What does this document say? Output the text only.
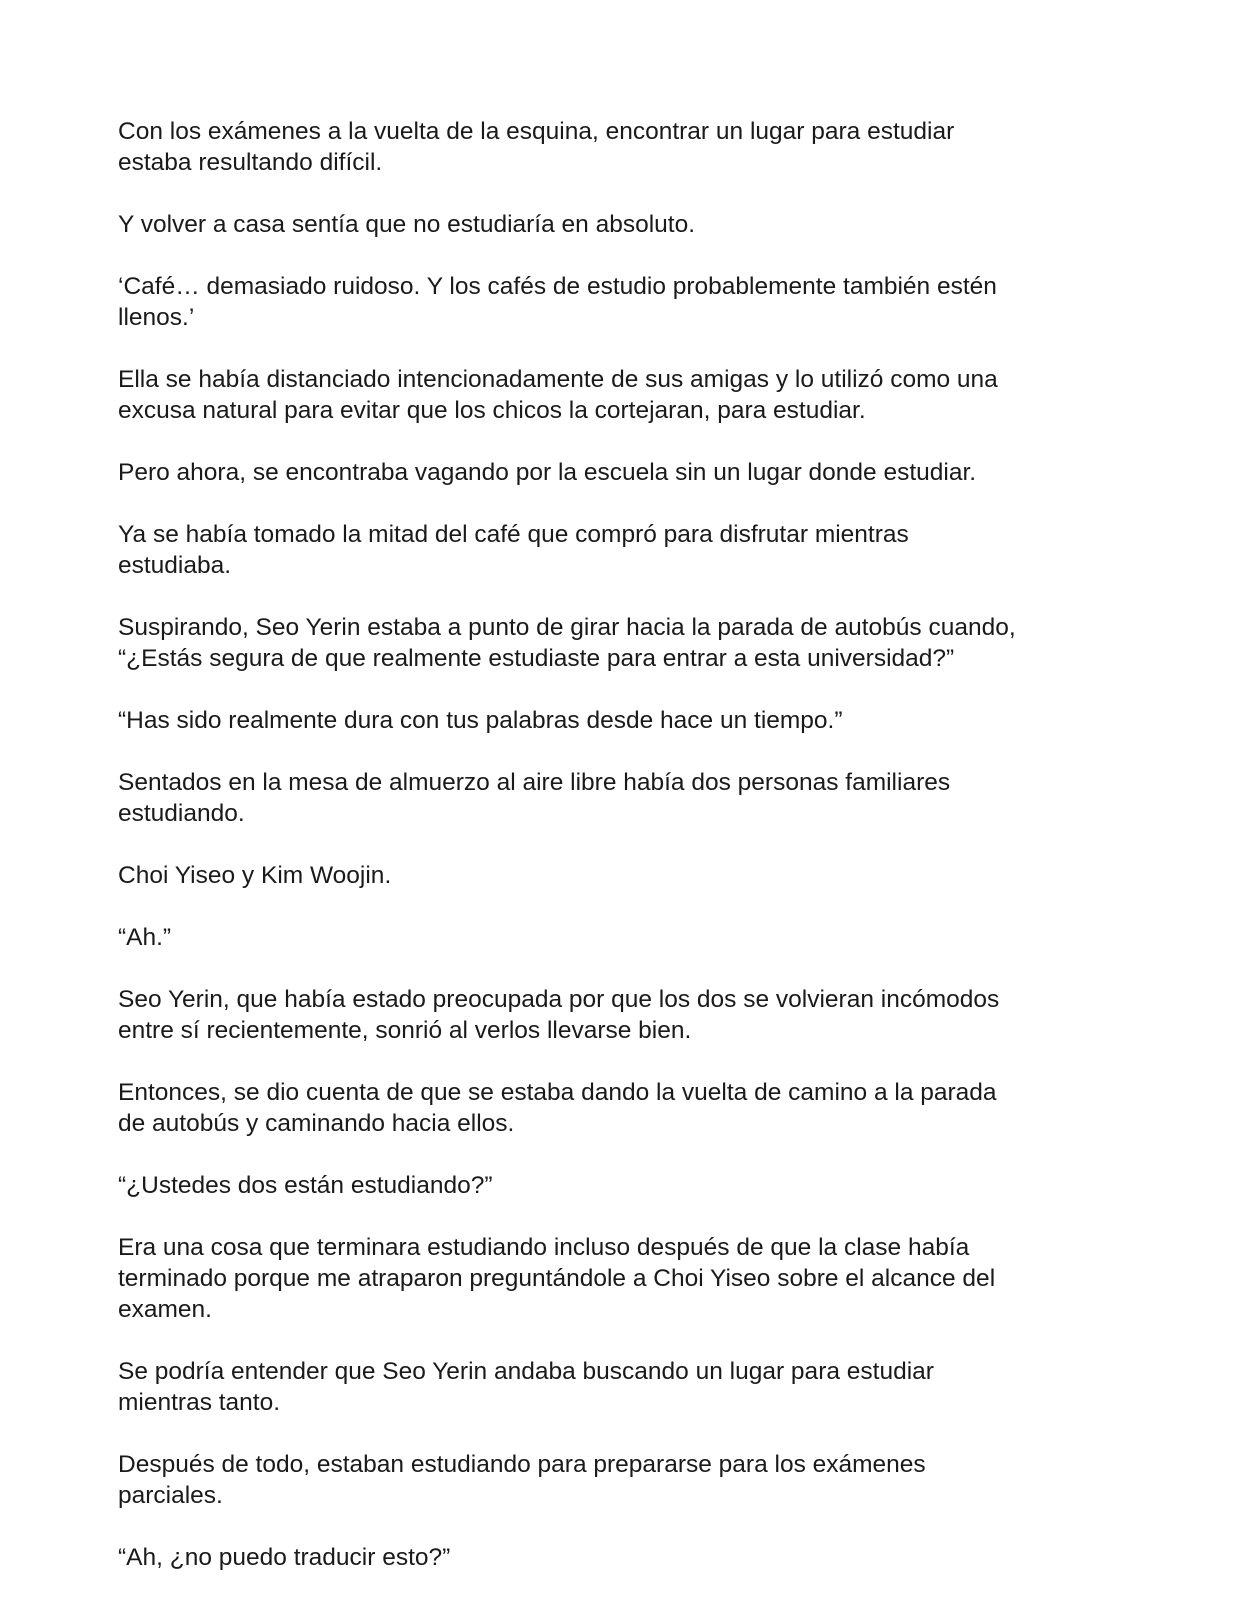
Con los exámenes a la vuelta de la esquina, encontrar un lugar para estudiar
estaba resultando difícil.

Y volver a casa sentía que no estudiaría en absoluto.

‘Café… demasiado ruidoso. Y los cafés de estudio probablemente también estén
llenos.’

Ella se había distanciado intencionadamente de sus amigas y lo utilizó como una
excusa natural para evitar que los chicos la cortejaran, para estudiar.

Pero ahora, se encontraba vagando por la escuela sin un lugar donde estudiar.

Ya se había tomado la mitad del café que compró para disfrutar mientras
estudiaba.

Suspirando, Seo Yerin estaba a punto de girar hacia la parada de autobús cuando,
“¿Estás segura de que realmente estudiaste para entrar a esta universidad?”

“Has sido realmente dura con tus palabras desde hace un tiempo.”

Sentados en la mesa de almuerzo al aire libre había dos personas familiares
estudiando.

Choi Yiseo y Kim Woojin.

“Ah.”

Seo Yerin, que había estado preocupada por que los dos se volvieran incómodos
entre sí recientemente, sonrió al verlos llevarse bien.

Entonces, se dio cuenta de que se estaba dando la vuelta de camino a la parada
de autobús y caminando hacia ellos.

“¿Ustedes dos están estudiando?”

Era una cosa que terminara estudiando incluso después de que la clase había
terminado porque me atraparon preguntándole a Choi Yiseo sobre el alcance del
examen.

Se podría entender que Seo Yerin andaba buscando un lugar para estudiar
mientras tanto.

Después de todo, estaban estudiando para prepararse para los exámenes
parciales.

“Ah, ¿no puedo traducir esto?”
